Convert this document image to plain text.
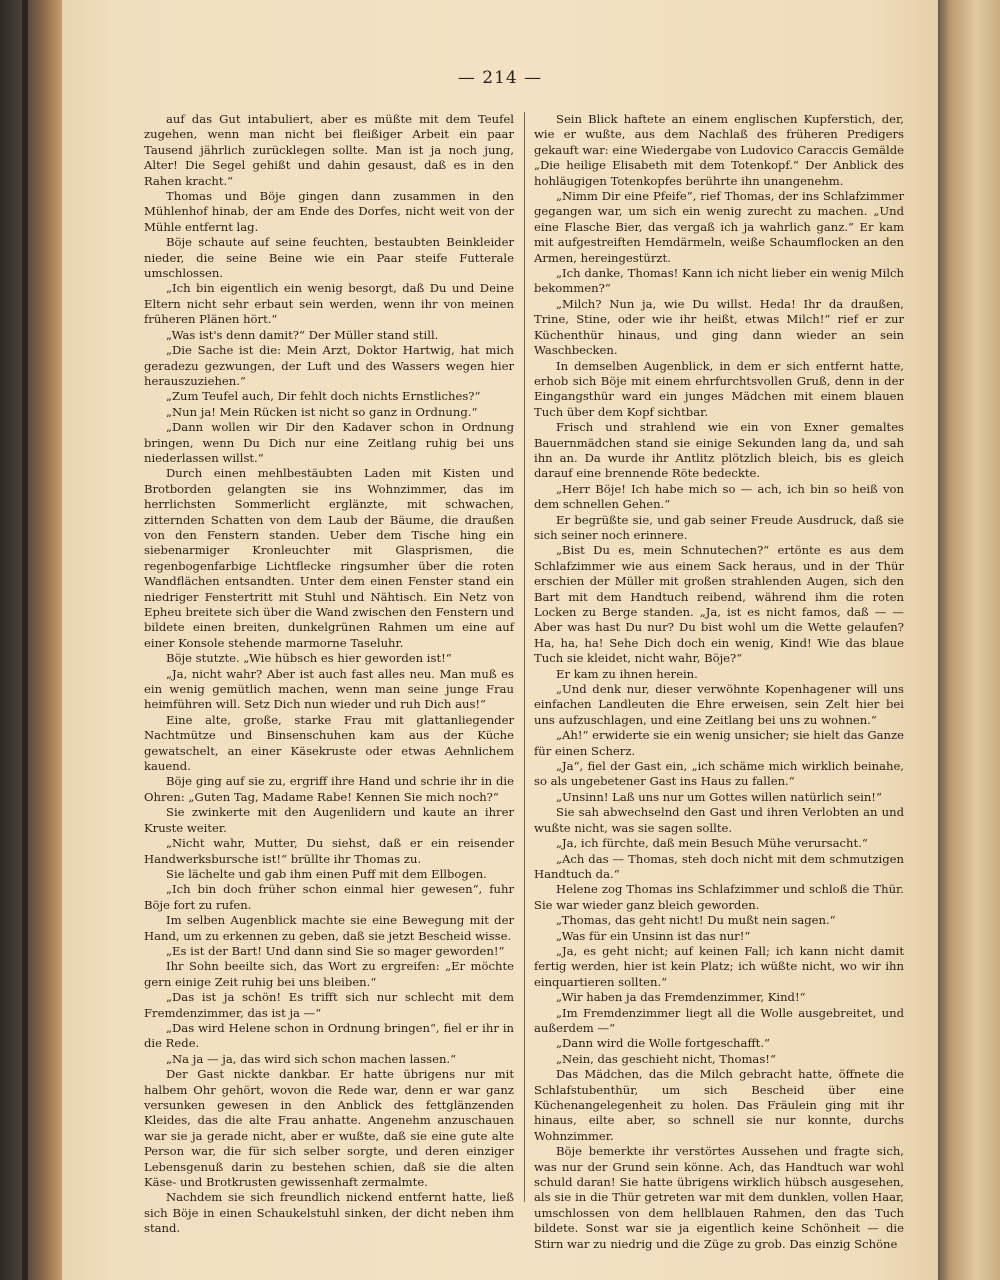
— 214 —

auf das Gut intabuliert, aber es müßte mit dem Teufel zugehen, wenn man nicht bei fleißiger Arbeit ein paar Tausend jährlich zurücklegen sollte. Man ist ja noch jung, Alter! Die Segel gehißt und dahin gesaust, daß es in den Rahen kracht.“

Thomas und Böje gingen dann zusammen in den Mühlenhof hinab, der am Ende des Dorfes, nicht weit von der Mühle entfernt lag.

Böje schaute auf seine feuchten, bestaubten Beinkleider nieder, die seine Beine wie ein Paar steife Futterale umschlossen.

„Ich bin eigentlich ein wenig besorgt, daß Du und Deine Eltern nicht sehr erbaut sein werden, wenn ihr von meinen früheren Plänen hört.“

„Was ist's denn damit?“ Der Müller stand still.

„Die Sache ist die: Mein Arzt, Doktor Hartwig, hat mich geradezu gezwungen, der Luft und des Wassers wegen hier herauszuziehen.“

„Zum Teufel auch, Dir fehlt doch nichts Ernstliches?“

„Nun ja! Mein Rücken ist nicht so ganz in Ordnung.“

„Dann wollen wir Dir den Kadaver schon in Ordnung bringen, wenn Du Dich nur eine Zeitlang ruhig bei uns niederlassen willst.“

Durch einen mehlbestäubten Laden mit Kisten und Brotborden gelangten sie ins Wohnzimmer, das im herrlichsten Sommerlicht erglänzte, mit schwachen, zitternden Schatten von dem Laub der Bäume, die draußen von den Fenstern standen. Ueber dem Tische hing ein siebenarmiger Kronleuchter mit Glasprismen, die regenbogenfarbige Lichtflecke ringsumher über die roten Wandflächen entsandten. Unter dem einen Fenster stand ein niedriger Fenstertritt mit Stuhl und Nähtisch. Ein Netz von Epheu breitete sich über die Wand zwischen den Fenstern und bildete einen breiten, dunkelgrünen Rahmen um eine auf einer Konsole stehende marmorne Taseluhr.

Böje stutzte. „Wie hübsch es hier geworden ist!“

„Ja, nicht wahr? Aber ist auch fast alles neu. Man muß es ein wenig gemütlich machen, wenn man seine junge Frau heimführen will. Setz Dich nun wieder und ruh Dich aus!“

Eine alte, große, starke Frau mit glattanliegender Nachtmütze und Binsenschuhen kam aus der Küche gewatschelt, an einer Käsekruste oder etwas Aehnlichem kauend.

Böje ging auf sie zu, ergriff ihre Hand und schrie ihr in die Ohren: „Guten Tag, Madame Rabe! Kennen Sie mich noch?“

Sie zwinkerte mit den Augenlidern und kaute an ihrer Kruste weiter.

„Nicht wahr, Mutter, Du siehst, daß er ein reisender Handwerksbursche ist!“ brüllte ihr Thomas zu.

Sie lächelte und gab ihm einen Puff mit dem Ellbogen.

„Ich bin doch früher schon einmal hier gewesen“, fuhr Böje fort zu rufen.

Im selben Augenblick machte sie eine Bewegung mit der Hand, um zu erkennen zu geben, daß sie jetzt Bescheid wisse.

„Es ist der Bart! Und dann sind Sie so mager geworden!“

Ihr Sohn beeilte sich, das Wort zu ergreifen: „Er möchte gern einige Zeit ruhig bei uns bleiben.“

„Das ist ja schön! Es trifft sich nur schlecht mit dem Fremdenzimmer, das ist ja —“

„Das wird Helene schon in Ordnung bringen“, fiel er ihr in die Rede.

„Na ja — ja, das wird sich schon machen lassen.“

Der Gast nickte dankbar. Er hatte übrigens nur mit halbem Ohr gehört, wovon die Rede war, denn er war ganz versunken gewesen in den Anblick des fettglänzenden Kleides, das die alte Frau anhatte. Angenehm anzuschauen war sie ja gerade nicht, aber er wußte, daß sie eine gute alte Person war, die für sich selber sorgte, und deren einziger Lebensgenuß darin zu bestehen schien, daß sie die alten Käse- und Brotkrusten gewissenhaft zermalmte.

Nachdem sie sich freundlich nickend entfernt hatte, ließ sich Böje in einen Schaukelstuhl sinken, der dicht neben ihm stand.

Sein Blick haftete an einem englischen Kupferstich, der, wie er wußte, aus dem Nachlaß des früheren Predigers gekauft war: eine Wiedergabe von Ludovico Caraccis Gemälde „Die heilige Elisabeth mit dem Totenkopf.“ Der Anblick des hohläugigen Totenkopfes berührte ihn unangenehm.

„Nimm Dir eine Pfeife“, rief Thomas, der ins Schlafzimmer gegangen war, um sich ein wenig zurecht zu machen. „Und eine Flasche Bier, das vergaß ich ja wahrlich ganz.“ Er kam mit aufgestreiften Hemdärmeln, weiße Schaumflocken an den Armen, hereingestürzt.

„Ich danke, Thomas! Kann ich nicht lieber ein wenig Milch bekommen?“

„Milch? Nun ja, wie Du willst. Heda! Ihr da draußen, Trine, Stine, oder wie ihr heißt, etwas Milch!“ rief er zur Küchenthür hinaus, und ging dann wieder an sein Waschbecken.

In demselben Augenblick, in dem er sich entfernt hatte, erhob sich Böje mit einem ehrfurchtsvollen Gruß, denn in der Eingangsthür ward ein junges Mädchen mit einem blauen Tuch über dem Kopf sichtbar.

Frisch und strahlend wie ein von Exner gemaltes Bauernmädchen stand sie einige Sekunden lang da, und sah ihn an. Da wurde ihr Antlitz plötzlich bleich, bis es gleich darauf eine brennende Röte bedeckte.

„Herr Böje! Ich habe mich so — ach, ich bin so heiß von dem schnellen Gehen.“

Er begrüßte sie, und gab seiner Freude Ausdruck, daß sie sich seiner noch erinnere.

„Bist Du es, mein Schnutechen?“ ertönte es aus dem Schlafzimmer wie aus einem Sack heraus, und in der Thür erschien der Müller mit großen strahlenden Augen, sich den Bart mit dem Handtuch reibend, während ihm die roten Locken zu Berge standen. „Ja, ist es nicht famos, daß — — Aber was hast Du nur? Du bist wohl um die Wette gelaufen? Ha, ha, ha! Sehe Dich doch ein wenig, Kind! Wie das blaue Tuch sie kleidet, nicht wahr, Böje?“

Er kam zu ihnen herein.

„Und denk nur, dieser verwöhnte Kopenhagener will uns einfachen Landleuten die Ehre erweisen, sein Zelt hier bei uns aufzuschlagen, und eine Zeitlang bei uns zu wohnen.“

„Ah!“ erwiderte sie ein wenig unsicher; sie hielt das Ganze für einen Scherz.

„Ja“, fiel der Gast ein, „ich schäme mich wirklich beinahe, so als ungebetener Gast ins Haus zu fallen.“

„Unsinn! Laß uns nur um Gottes willen natürlich sein!“

Sie sah abwechselnd den Gast und ihren Verlobten an und wußte nicht, was sie sagen sollte.

„Ja, ich fürchte, daß mein Besuch Mühe verursacht.“

„Ach das — Thomas, steh doch nicht mit dem schmutzigen Handtuch da.“

Helene zog Thomas ins Schlafzimmer und schloß die Thür. Sie war wieder ganz bleich geworden.

„Thomas, das geht nicht! Du mußt nein sagen.“

„Was für ein Unsinn ist das nur!“

„Ja, es geht nicht; auf keinen Fall; ich kann nicht damit fertig werden, hier ist kein Platz; ich wüßte nicht, wo wir ihn einquartieren sollten.“

„Wir haben ja das Fremdenzimmer, Kind!“

„Im Fremdenzimmer liegt all die Wolle ausgebreitet, und außerdem —“

„Dann wird die Wolle fortgeschafft.“

„Nein, das geschieht nicht, Thomas!“

Das Mädchen, das die Milch gebracht hatte, öffnete die Schlafstubenthür, um sich Bescheid über eine Küchenangelegenheit zu holen. Das Fräulein ging mit ihr hinaus, eilte aber, so schnell sie nur konnte, durchs Wohnzimmer.

Böje bemerkte ihr verstörtes Aussehen und fragte sich, was nur der Grund sein könne. Ach, das Handtuch war wohl schuld daran! Sie hatte übrigens wirklich hübsch ausgesehen, als sie in die Thür getreten war mit dem dunklen, vollen Haar, umschlossen von dem hellblauen Rahmen, den das Tuch bildete. Sonst war sie ja eigentlich keine Schönheit — die Stirn war zu niedrig und die Züge zu grob. Das einzig Schöne
